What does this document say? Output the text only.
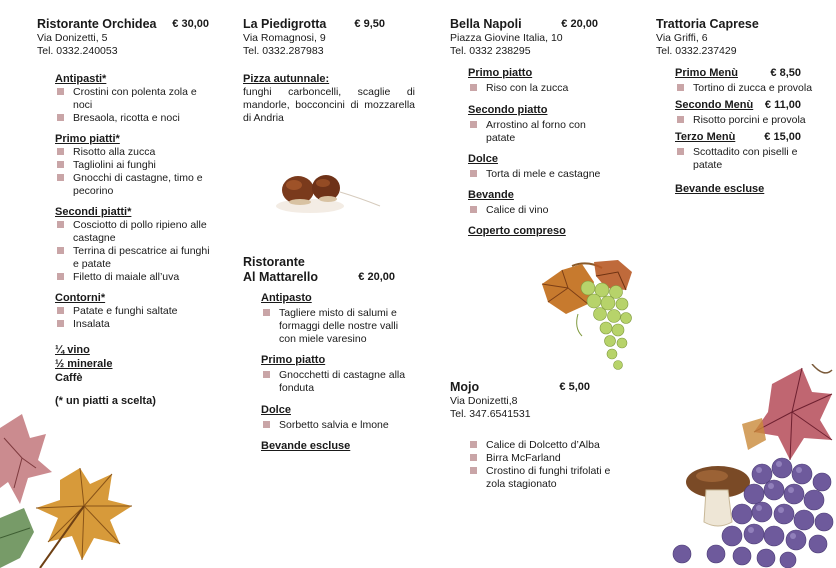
Ristorante Orchidea € 30,00
Via Donizetti, 5
Tel. 0332.240053
Antipasti*
Crostini con polenta zola e noci
Bresaola, ricotta e noci
Primo piatti*
Risotto alla zucca
Tagliolini ai funghi
Gnocchi di castagne, timo e pecorino
Secondi piatti*
Cosciotto di pollo ripieno alle castagne
Terrina di pescatrice ai funghi e patate
Filetto di maiale all’uva
Contorni*
Patate e funghi saltate
Insalata
¼ vino
½ minerale
Caffè
(* un piatti a scelta)
La Piedigrotta	€ 9,50
Via Romagnosi, 9
Tel. 0332.287983
Pizza autunnale:
funghi carboncelli, scaglie di mandorle, bocconcini di mozzarella di Andria
Ristorante
Al Mattarello	€ 20,00
Antipasto
Tagliere misto di salumi e formaggi delle nostre valli con miele varesino
Primo piatto
Gnocchetti di castagne alla fonduta
Dolce
Sorbetto salvia e lmone
Bevande escluse
Bella Napoli	€ 20,00
Piazza Giovine Italia, 10
Tel. 0332 238295
Primo piatto
Riso con la zucca
Secondo piatto
Arrostino al forno con patate
Dolce
Torta di mele e castagne
Bevande
Calice di vino
Coperto compreso
Mojo	€ 5,00
Via Donizetti,8
Tel. 347.6541531
Calice di Dolcetto d’Alba
Birra McFarland
Crostino di funghi trifolati e zola stagionato
Trattoria Caprese
Via Griffi, 6
Tel. 0332.237429
Primo Menù	€ 8,50
Tortino di zucca e provola
Secondo Menù € 11,00
Risotto porcini e provola
Terzo Menù	€ 15,00
Scottadito con piselli e patate
Bevande escluse
